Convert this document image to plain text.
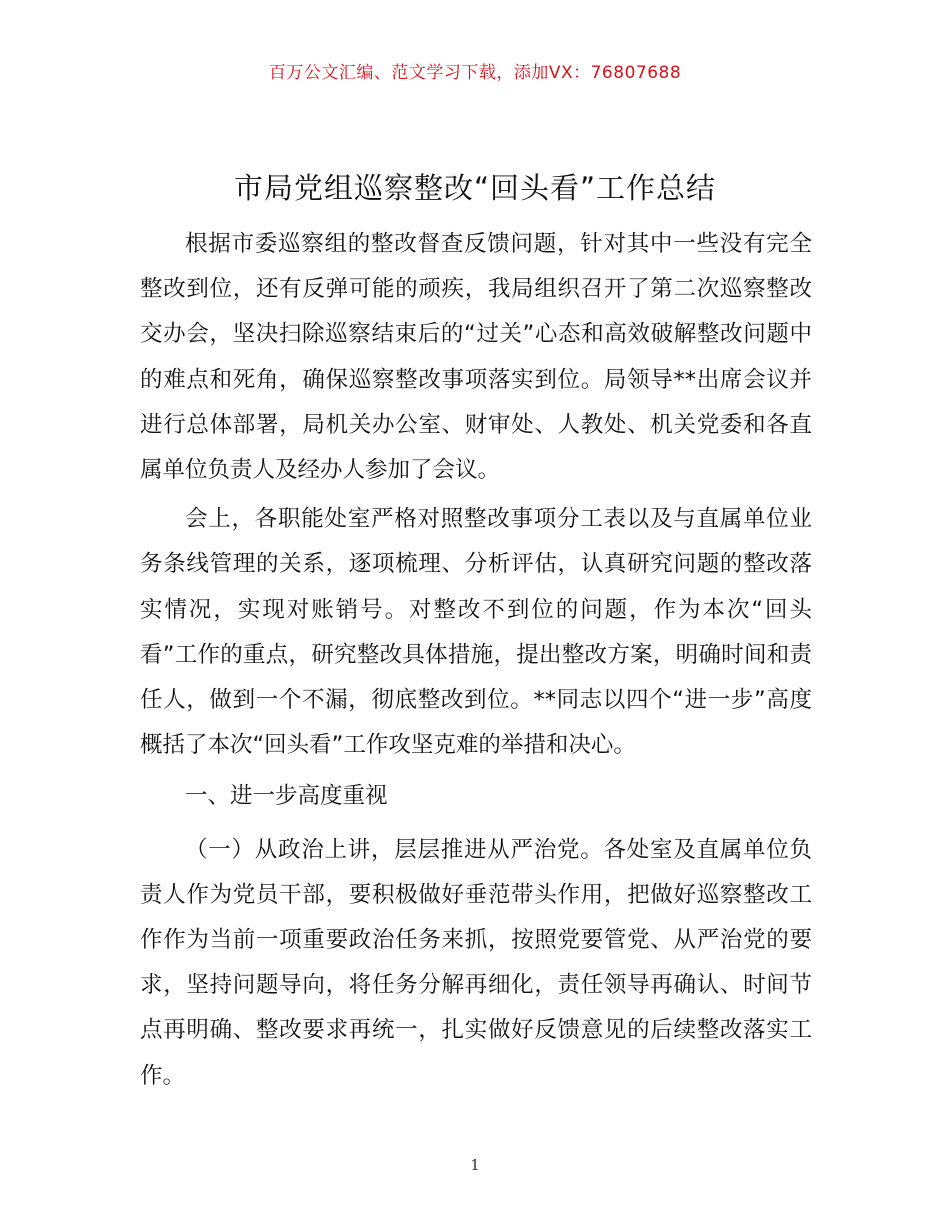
百万公文汇编、范文学习下载，添加VX：76807688
市局党组巡察整改“回头看”工作总结

根据市委巡察组的整改督查反馈问题，针对其中一些没有完全整改到位，还有反弹可能的顽疾，我局组织召开了第二次巡察整改交办会，坚决扫除巡察结束后的“过关”心态和高效破解整改问题中的难点和死角，确保巡察整改事项落实到位。局领导**出席会议并进行总体部署，局机关办公室、财审处、人教处、机关党委和各直属单位负责人及经办人参加了会议。

会上，各职能处室严格对照整改事项分工表以及与直属单位业务条线管理的关系，逐项梳理、分析评估，认真研究问题的整改落实情况，实现对账销号。对整改不到位的问题，作为本次“回头看”工作的重点，研究整改具体措施，提出整改方案，明确时间和责任人，做到一个不漏，彻底整改到位。**同志以四个“进一步”高度概括了本次“回头看”工作攻坚克难的举措和决心。

一、进一步高度重视

（一）从政治上讲，层层推进从严治党。各处室及直属单位负责人作为党员干部，要积极做好垂范带头作用，把做好巡察整改工作作为当前一项重要政治任务来抓，按照党要管党、从严治党的要求，坚持问题导向，将任务分解再细化，责任领导再确认、时间节点再明确、整改要求再统一，扎实做好反馈意见的后续整改落实工作。

1
